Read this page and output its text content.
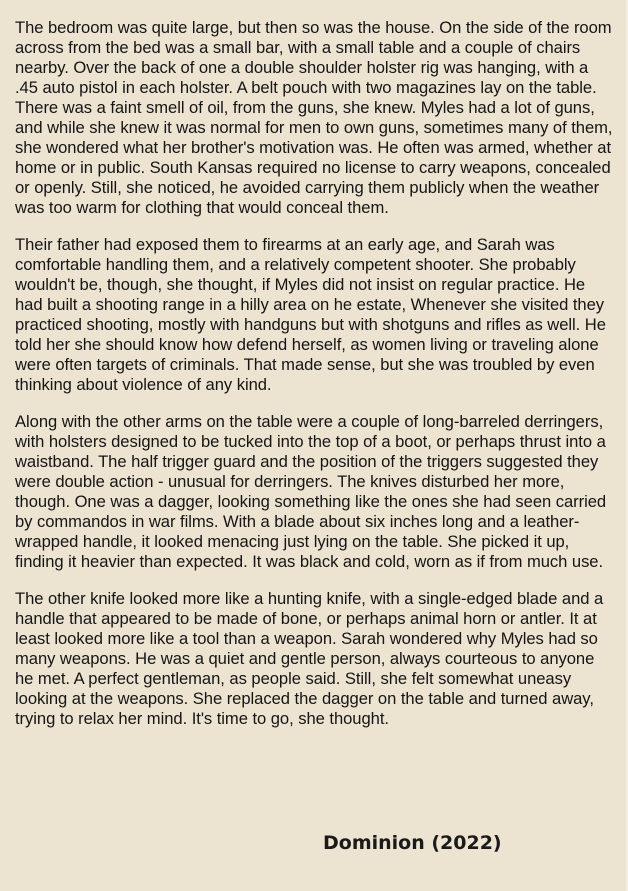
The bedroom was quite large, but then so was the house. On the side of the room across from the bed was a small bar, with a small table and a couple of chairs nearby. Over the back of one a double shoulder holster rig was hanging, with a .45 auto pistol in each holster. A belt pouch with two magazines lay on the table. There was a faint smell of oil, from the guns, she knew. Myles had a lot of guns, and while she knew it was normal for men to own guns, sometimes many of them, she wondered what her brother's motivation was. He often was armed, whether at home or in public. South Kansas required no license to carry weapons, concealed or openly. Still, she noticed, he avoided carrying them publicly when the weather was too warm for clothing that would conceal them.

Their father had exposed them to firearms at an early age, and Sarah was comfortable handling them, and a relatively competent shooter. She probably wouldn't be, though, she thought, if Myles did not insist on regular practice. He had built a shooting range in a hilly area on he estate, Whenever she visited they practiced shooting, mostly with handguns but with shotguns and rifles as well. He told her she should know how defend herself, as women living or traveling alone were often targets of criminals. That made sense, but she was troubled by even thinking about violence of any kind.

Along with the other arms on the table were a couple of long-barreled derringers, with holsters designed to be tucked into the top of a boot, or perhaps thrust into a waistband. The half trigger guard and the position of the triggers suggested they were double action - unusual for derringers. The knives disturbed her more, though. One was a dagger, looking something like the ones she had seen carried by commandos in war films. With a blade about six inches long and a leather-wrapped handle, it looked menacing just lying on the table. She picked it up, finding it heavier than expected. It was black and cold, worn as if from much use.

The other knife looked more like a hunting knife, with a single-edged blade and a handle that appeared to be made of bone, or perhaps animal horn or antler. It at least looked more like a tool than a weapon. Sarah wondered why Myles had so many weapons. He was a quiet and gentle person, always courteous to anyone he met. A perfect gentleman, as people said. Still, she felt somewhat uneasy looking at the weapons. She replaced the dagger on the table and turned away, trying to relax her mind. It's time to go, she thought.

Dominion (2022)
